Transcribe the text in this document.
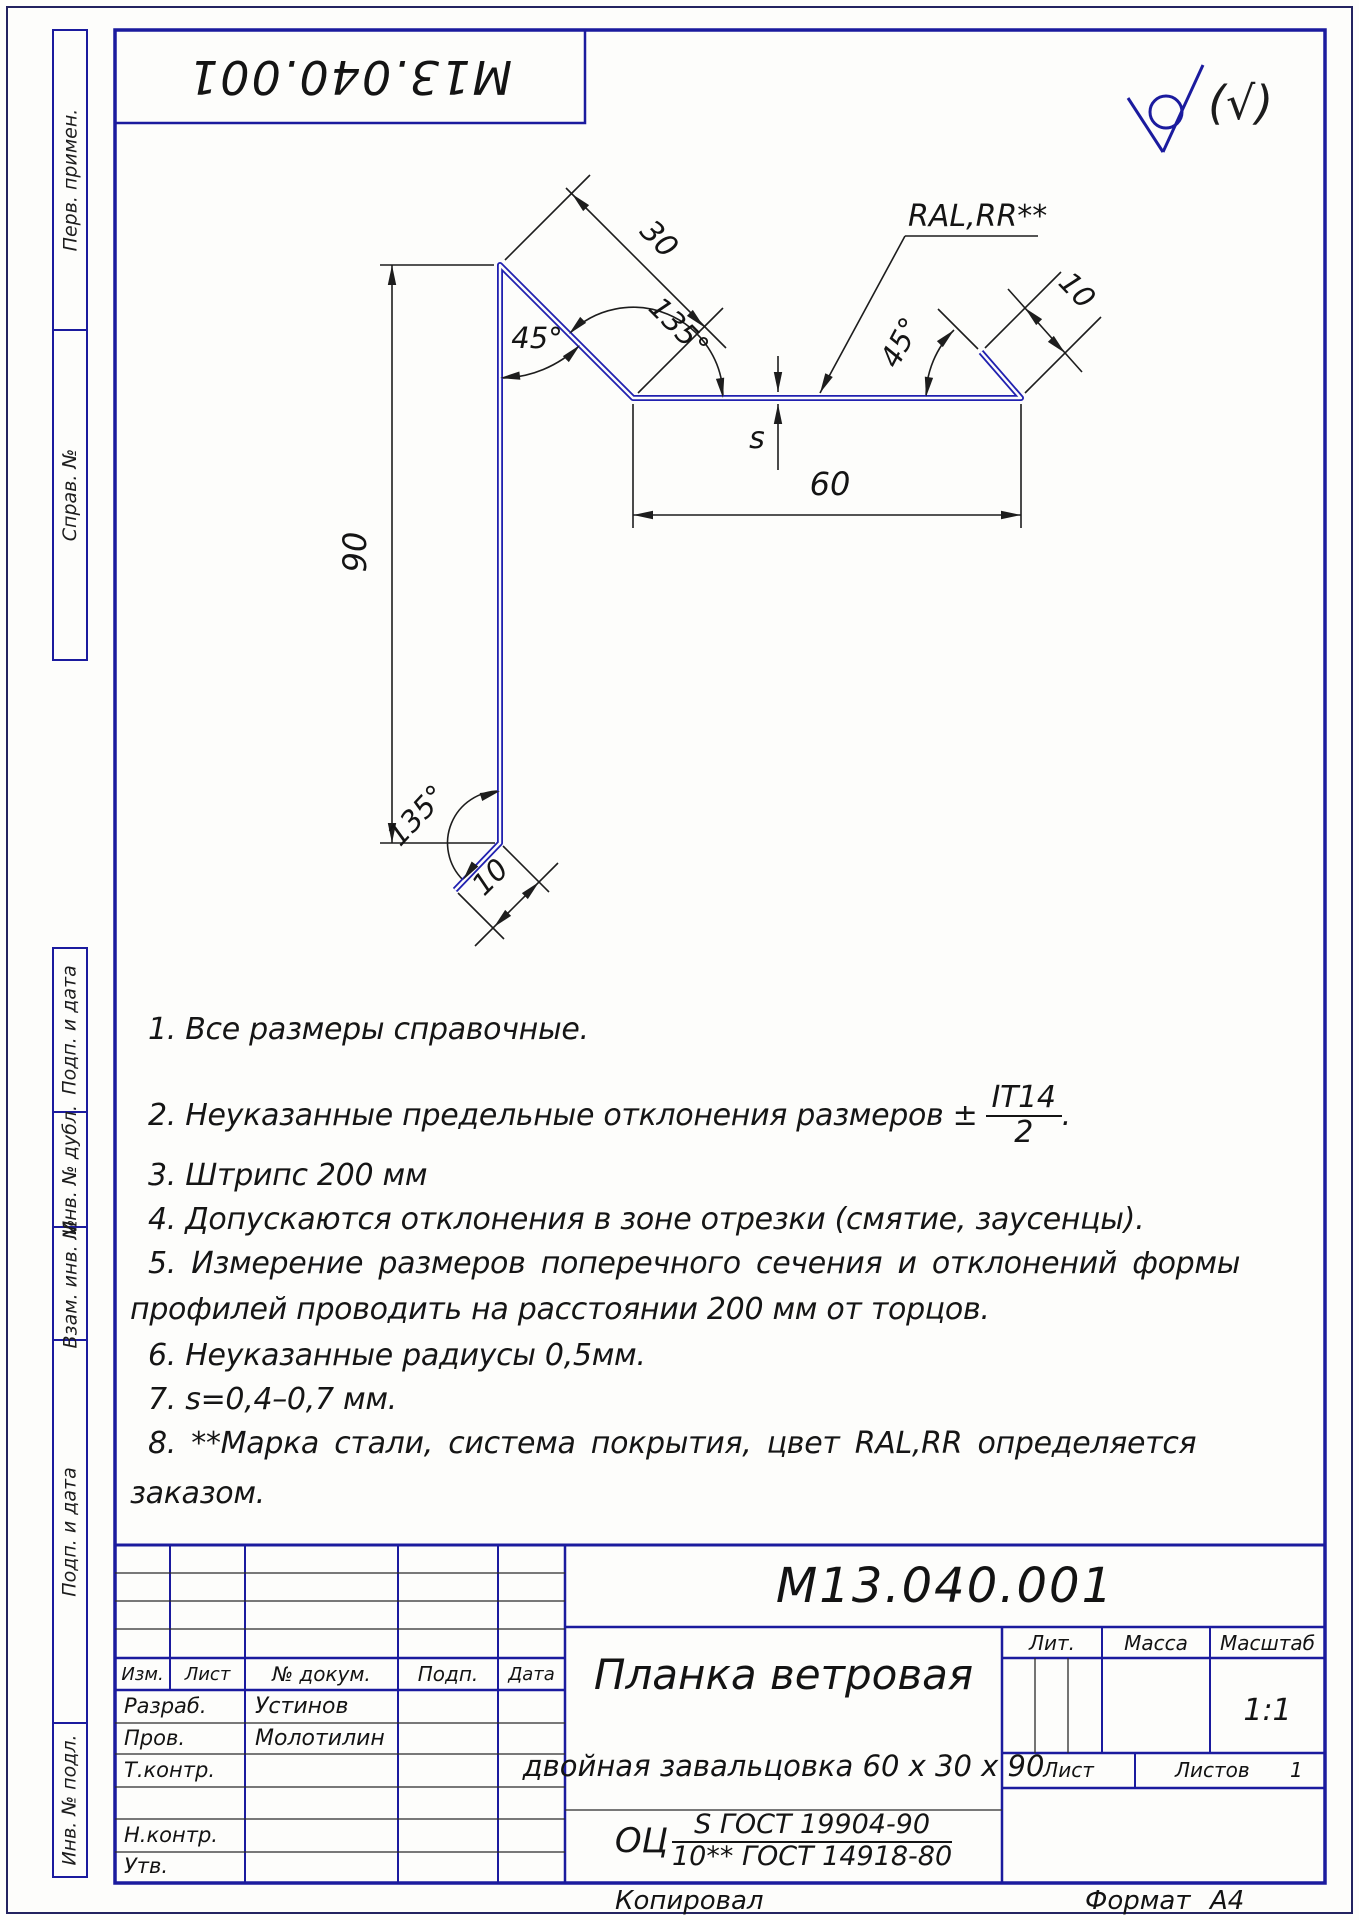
30
135°
45°
RAL,RR**
45°
10
s
60
90
135°
10
М13.040.001	(√)
Перв. примен.
Справ. №
Подп. и дата
Инв. № дубл.
Взам. инв. №
Подп. и дата
Инв. № подл.
1. Все размеры справочные.
2. Неуказанные предельные отклонения размеров ± $\frac{IT14}{2}$ .
3. Штрипс 200 мм
4. Допускаются отклонения в зоне отрезки (смятие, заусенцы).
5. Измерение размеров поперечного сечения и отклонений формы
профилей проводить на расстоянии 200 мм от торцов.
6. Неуказанные радиусы 0,5мм.
7. s=0,4–0,7 мм.
8. **Марка стали, система покрытия, цвет RAL,RR определяется
заказом.
Изм.	Лист	№ докум.	Подп.	Дата
Разраб. Устинов
Пров.	Молотилин
Т.контр.
Н.контр.
Утв.
М13.040.001
Планка ветровая
двойная завальцовка 60 х 30 х 90
ОЦ $\frac{\text{S ГОСТ 19904-90}}{\text{10** ГОСТ 14918-80}}$
Лит.	Масса	Масштаб
1:1
Лист	Листов 1
Копировал	Формат А4
